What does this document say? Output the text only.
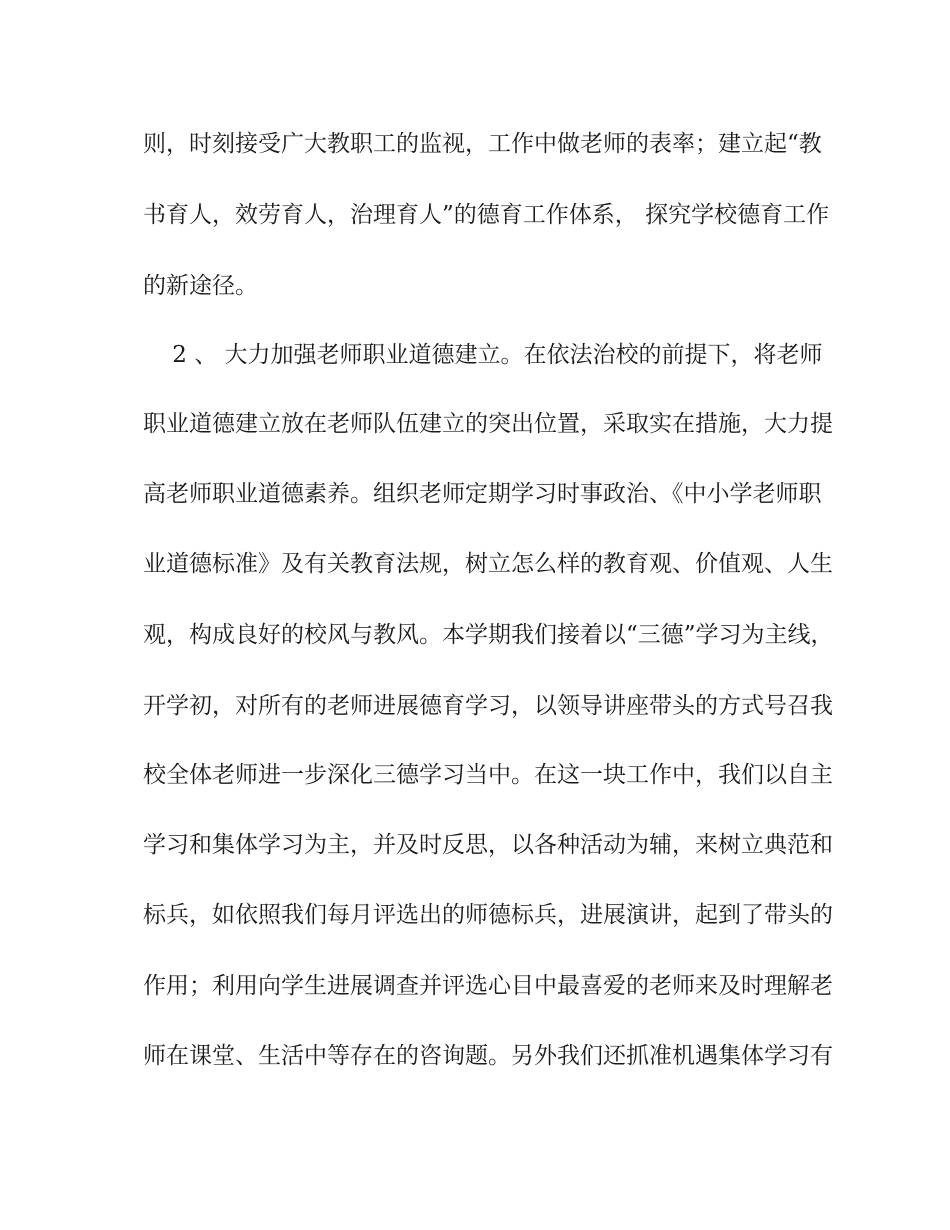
则，时刻接受广大教职工的监视，工作中做老师的表率；建立起“教
书育人，效劳育人，治理育人”的德育工作体系， 探究学校德育工作
的新途径。
2 、 大力加强老师职业道德建立。在依法治校的前提下，将老师
职业道德建立放在老师队伍建立的突出位置，采取实在措施，大力提
高老师职业道德素养。组织老师定期学习时事政治、《中小学老师职
业道德标准》及有关教育法规，树立怎么样的教育观、价值观、人生
观，构成良好的校风与教风。本学期我们接着以“三德”学习为主线，
开学初，对所有的老师进展德育学习，以领导讲座带头的方式号召我
校全体老师进一步深化三德学习当中。在这一块工作中，我们以自主
学习和集体学习为主，并及时反思，以各种活动为辅，来树立典范和
标兵，如依照我们每月评选出的师德标兵，进展演讲，起到了带头的
作用；利用向学生进展调查并评选心目中最喜爱的老师来及时理解老
师在课堂、生活中等存在的咨询题。另外我们还抓准机遇集体学习有
